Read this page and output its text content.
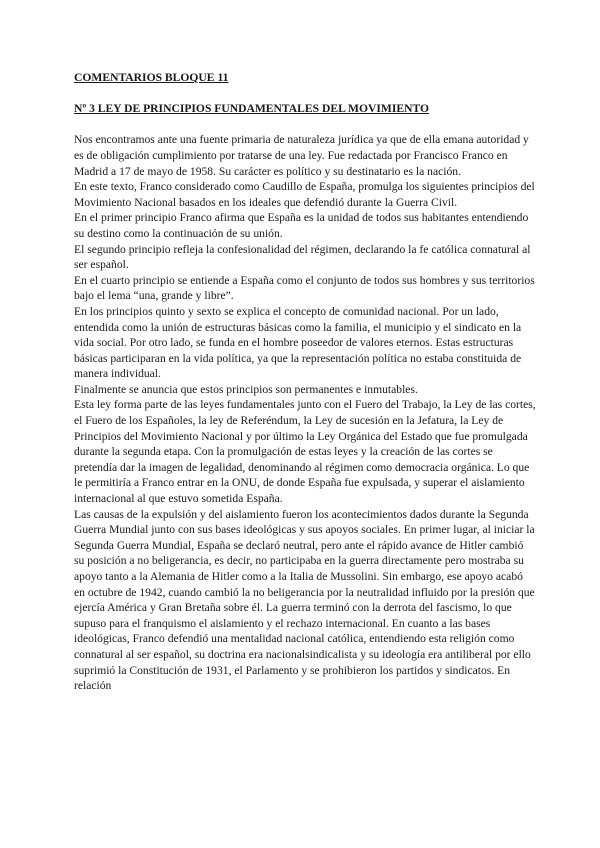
COMENTARIOS BLOQUE 11

Nº 3 LEY DE PRINCIPIOS FUNDAMENTALES DEL MOVIMIENTO

Nos encontramos ante una fuente primaria de naturaleza jurídica ya que de ella emana autoridad y es de obligación cumplimiento por tratarse de una ley. Fue redactada por Francisco Franco en Madrid a 17 de mayo de 1958. Su carácter es político y su destinatario es la nación.

En este texto, Franco considerado como Caudillo de España, promulga los siguientes principios del Movimiento Nacional basados en los ideales que defendió durante la Guerra Civil.

En el primer principio Franco afirma que España es la unidad de todos sus habitantes entendiendo su destino como la continuación de su unión.

El segundo principio refleja la confesionalidad del régimen, declarando la fe católica connatural al ser español.

En el cuarto principio se entiende a España como el conjunto de todos sus hombres y sus territorios bajo el lema “una, grande y libre”.

En los principios quinto y sexto se explica el concepto de comunidad nacional. Por un lado, entendida como la unión de estructuras básicas como la familia, el municipio y el sindicato en la vida social. Por otro lado, se funda en el hombre poseedor de valores eternos. Estas estructuras básicas participaran en la vida política, ya que la representación política no estaba constituida de manera individual.

Finalmente se anuncia que estos principios son permanentes e inmutables.

Esta ley forma parte de las leyes fundamentales junto con el Fuero del Trabajo, la Ley de las cortes, el Fuero de los Españoles, la ley de Referéndum, la Ley de sucesión en la Jefatura, la Ley de Principios del Movimiento Nacional y por último la Ley Orgánica del Estado que fue promulgada durante la segunda etapa. Con la promulgación de estas leyes y la creación de las cortes se pretendía dar la imagen de legalidad, denominando al régimen como democracia orgánica. Lo que le permitiría a Franco entrar en la ONU, de donde España fue expulsada, y superar el aislamiento internacional al que estuvo sometida España.

Las causas de la expulsión y del aislamiento fueron los acontecimientos dados durante la Segunda Guerra Mundial junto con sus bases ideológicas y sus apoyos sociales. En primer lugar, al iniciar la Segunda Guerra Mundial, España se declaró neutral, pero ante el rápido avance de Hitler cambió su posición a no beligerancia, es decir, no participaba en la guerra directamente pero mostraba su apoyo tanto a la Alemania de Hitler como a la Italia de Mussolini. Sin embargo, ese apoyo acabó en octubre de 1942, cuando cambió la no beligerancia por la neutralidad influido por la presión que ejercía América y Gran Bretaña sobre él. La guerra terminó con la derrota del fascismo, lo que supuso para el franquismo el aislamiento y el rechazo internacional. En cuanto a las bases ideológicas, Franco defendió una mentalidad nacional católica, entendiendo esta religión como connatural al ser español, su doctrina era nacionalsindicalista y su ideología era antiliberal por ello suprimió la Constitución de 1931, el Parlamento y se prohibieron los partidos y sindicatos. En relación
